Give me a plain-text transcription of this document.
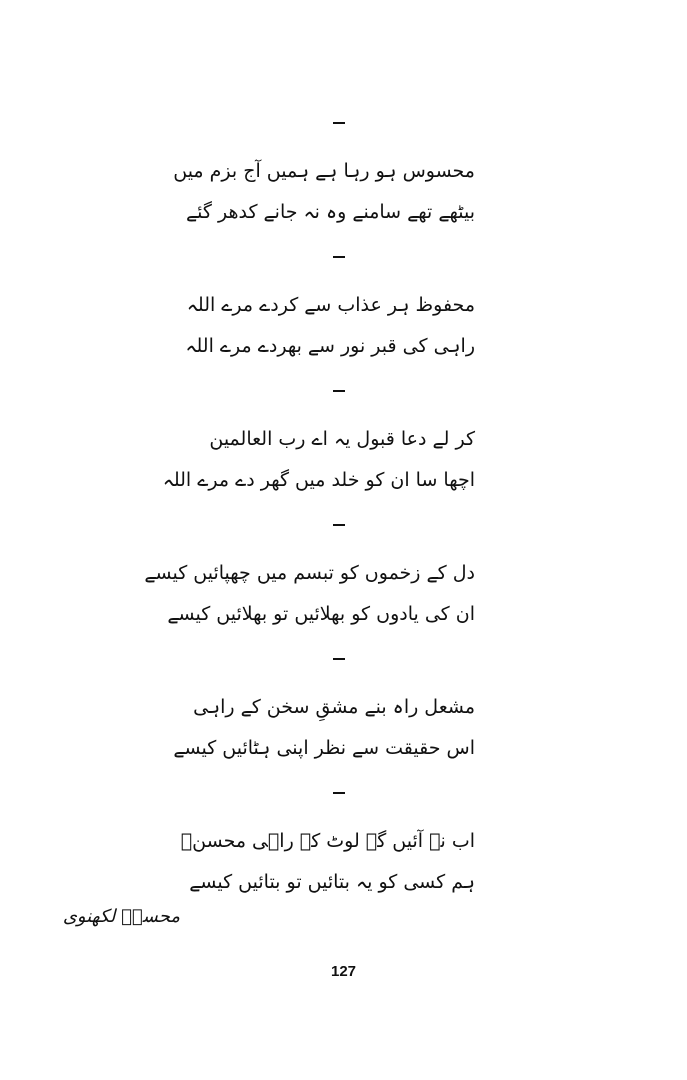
محسوس ہو رہا ہے ہمیں آج بزم میں
بیٹھے تھے سامنے وہ نہ جانے کدھر گئے
محفوظ ہر عذاب سے کردے مرے اللہ
راہی کی قبر نور سے بھردے مرے اللہ
کر لے دعا قبول یہ اے رب العالمین
اچھا سا ان کو خلد میں گھر دے مرے اللہ
دل کے زخموں کو تبسم میں چھپائیں کیسے
ان کی یادوں کو بھلائیں تو بھلائیں کیسے
مشعل راہ بنے مشقِ سخن کے راہی
اس حقیقت سے نظر اپنی ہٹائیں کیسے
اب نہ آئیں گے لوٹ کے راہی محسنؔ
ہم کسی کو یہ بتائیں تو بتائیں کیسے
محسنؔ لکھنوی
127
